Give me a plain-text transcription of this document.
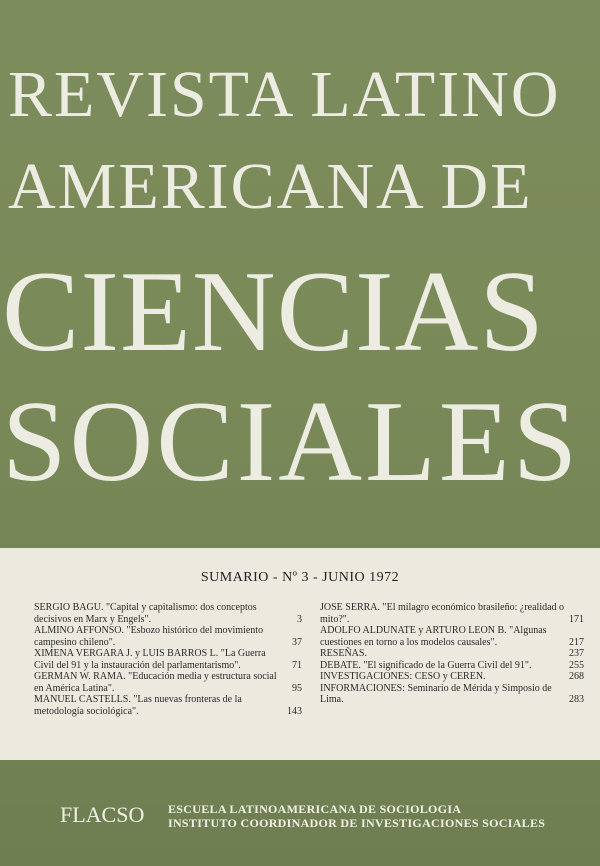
REVISTA LATINO
AMERICANA DE
CIENCIAS
SOCIALES
SUMARIO - Nº 3 - JUNIO 1972
SERGIO BAGU. "Capital y capitalismo: dos conceptos decisivos en Marx y Engels".	3
ALMINO AFFONSO. "Esbozo histórico del movimiento campesino chileno".	37
XIMENA VERGARA J. y LUIS BARROS L. "La Guerra Civil del 91 y la instauración del parlamentarismo".	71
GERMAN W. RAMA. "Educación media y estructura social en América Latina".	95
MANUEL CASTELLS. "Las nuevas fronteras de la metodología sociológica".	143
JOSE SERRA. "El milagro económico brasileño: ¿realidad o mito?".	171
ADOLFO ALDUNATE y ARTURO LEON B. "Algunas cuestiones en torno a los modelos causales".	217
RESEÑAS.	237
DEBATE. "El significado de la Guerra Civil del 91".	255
INVESTIGACIONES: CESO y CEREN.	268
INFORMACIONES: Seminario de Mérida y Simposio de Lima.	283
FLACSO ESCUELA LATINOAMERICANA DE SOCIOLOGIA
INSTITUTO COORDINADOR DE INVESTIGACIONES SOCIALES
